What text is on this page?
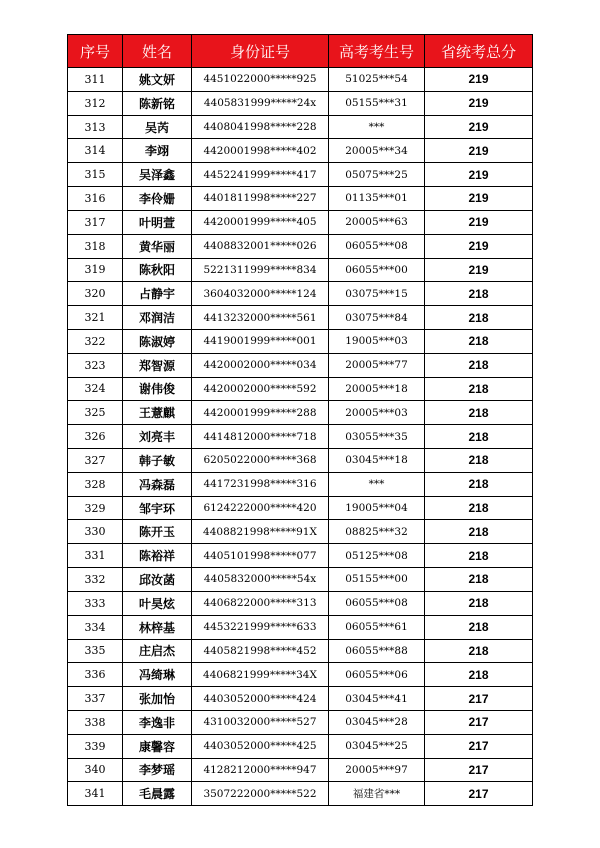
序号	姓名	身份证号	高考考生号	省统考总分
311	姚文妍	4451022000*****925	51025***54	219
312	陈新铭	4405831999*****24x	05155***31	219
313	吴芮	4408041998*****228	***	219
314	李翊	4420001998*****402	20005***34	219
315	吴泽鑫	4452241999*****417	05075***25	219
316	李伶姗	4401811998*****227	01135***01	219
317	叶明萱	4420001999*****405	20005***63	219
318	黄华丽	4408832001*****026	06055***08	219
319	陈秋阳	5221311999*****834	06055***00	219
320	占静宇	3604032000*****124	03075***15	218
321	邓润洁	4413232000*****561	03075***84	218
322	陈淑婷	4419001999*****001	19005***03	218
323	郑智源	4420002000*****034	20005***77	218
324	谢伟俊	4420002000*****592	20005***18	218
325	王薏麒	4420001999*****288	20005***03	218
326	刘亮丰	4414812000*****718	03055***35	218
327	韩子敏	6205022000*****368	03045***18	218
328	冯森磊	4417231998*****316	***	218
329	邹宇环	6124222000*****420	19005***04	218
330	陈开玉	4408821998*****91X	08825***32	218
331	陈裕祥	4405101998*****077	05125***08	218
332	邱汝菡	4405832000*****54x	05155***00	218
333	叶昊炫	4406822000*****313	06055***08	218
334	林梓基	4453221999*****633	06055***61	218
335	庄启杰	4405821998*****452	06055***88	218
336	冯绮琳	4406821999*****34X	06055***06	218
337	张加怡	4403052000*****424	03045***41	217
338	李逸非	4310032000*****527	03045***28	217
339	康馨容	4403052000*****425	03045***25	217
340	李梦瑶	4128212000*****947	20005***97	217
341	毛晨露	3507222000*****522	福建省***	217
